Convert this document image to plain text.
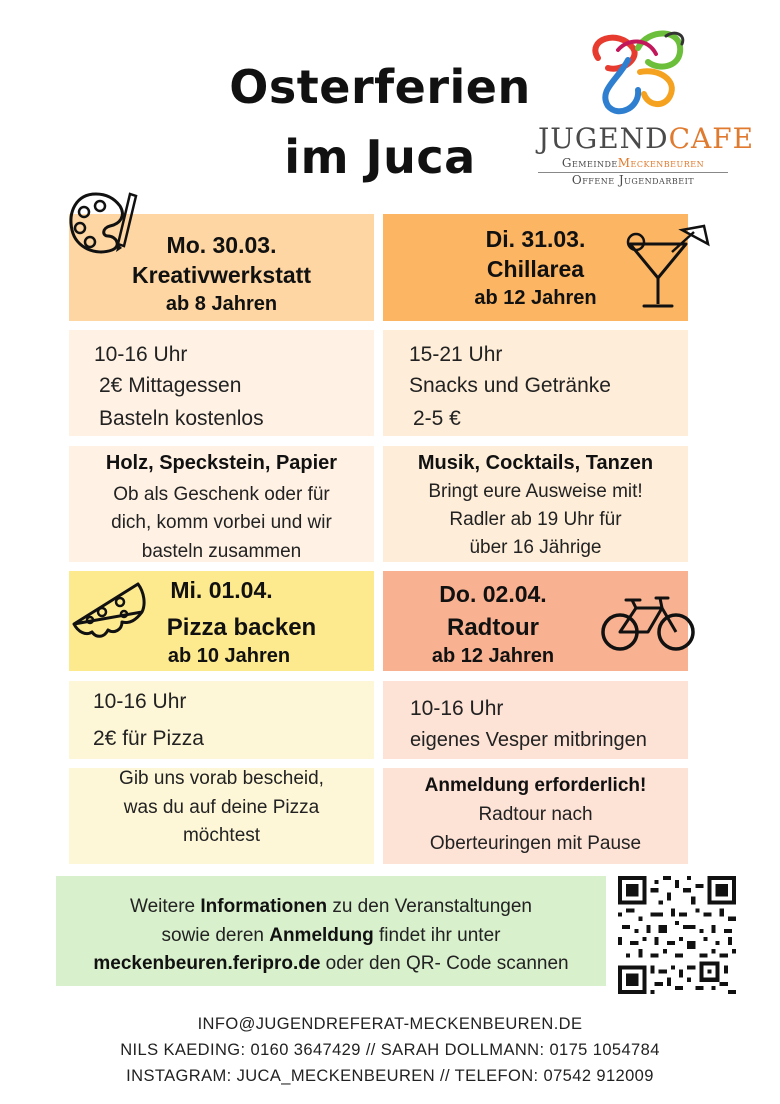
Osterferien
im Juca	JUGENDCAFE
GemeindeMeckenbeuren
Offene Jugendarbeit
Mo. 30.03.
Kreativwerkstatt
ab 8 Jahren
Di. 31.03.
Chillarea
ab 12 Jahren
10-16 Uhr
2€ Mittagessen
Basteln kostenlos
15-21 Uhr
Snacks und Getränke
2-5 €
Holz, Speckstein, Papier
Ob als Geschenk oder für
dich, komm vorbei und wir
basteln zusammen
Musik, Cocktails, Tanzen
Bringt eure Ausweise mit!
Radler ab 19 Uhr für
über 16 Jährige
Mi. 01.04.
Pizza backen
ab 10 Jahren
Do. 02.04.
Radtour
ab 12 Jahren
10-16 Uhr
2€ für Pizza
10-16 Uhr
eigenes Vesper mitbringen
Gib uns vorab bescheid,
was du auf deine Pizza
möchtest
Anmeldung erforderlich!
Radtour nach
Oberteuringen mit Pause
Weitere Informationen zu den Veranstaltungen
sowie deren Anmeldung findet ihr unter
meckenbeuren.feripro.de oder den QR- Code scannen
INFO@JUGENDREFERAT-MECKENBEUREN.DE
NILS KAEDING: 0160 3647429 // SARAH DOLLMANN: 0175 1054784
INSTAGRAM: JUCA_MECKENBEUREN // TELEFON: 07542 912009
